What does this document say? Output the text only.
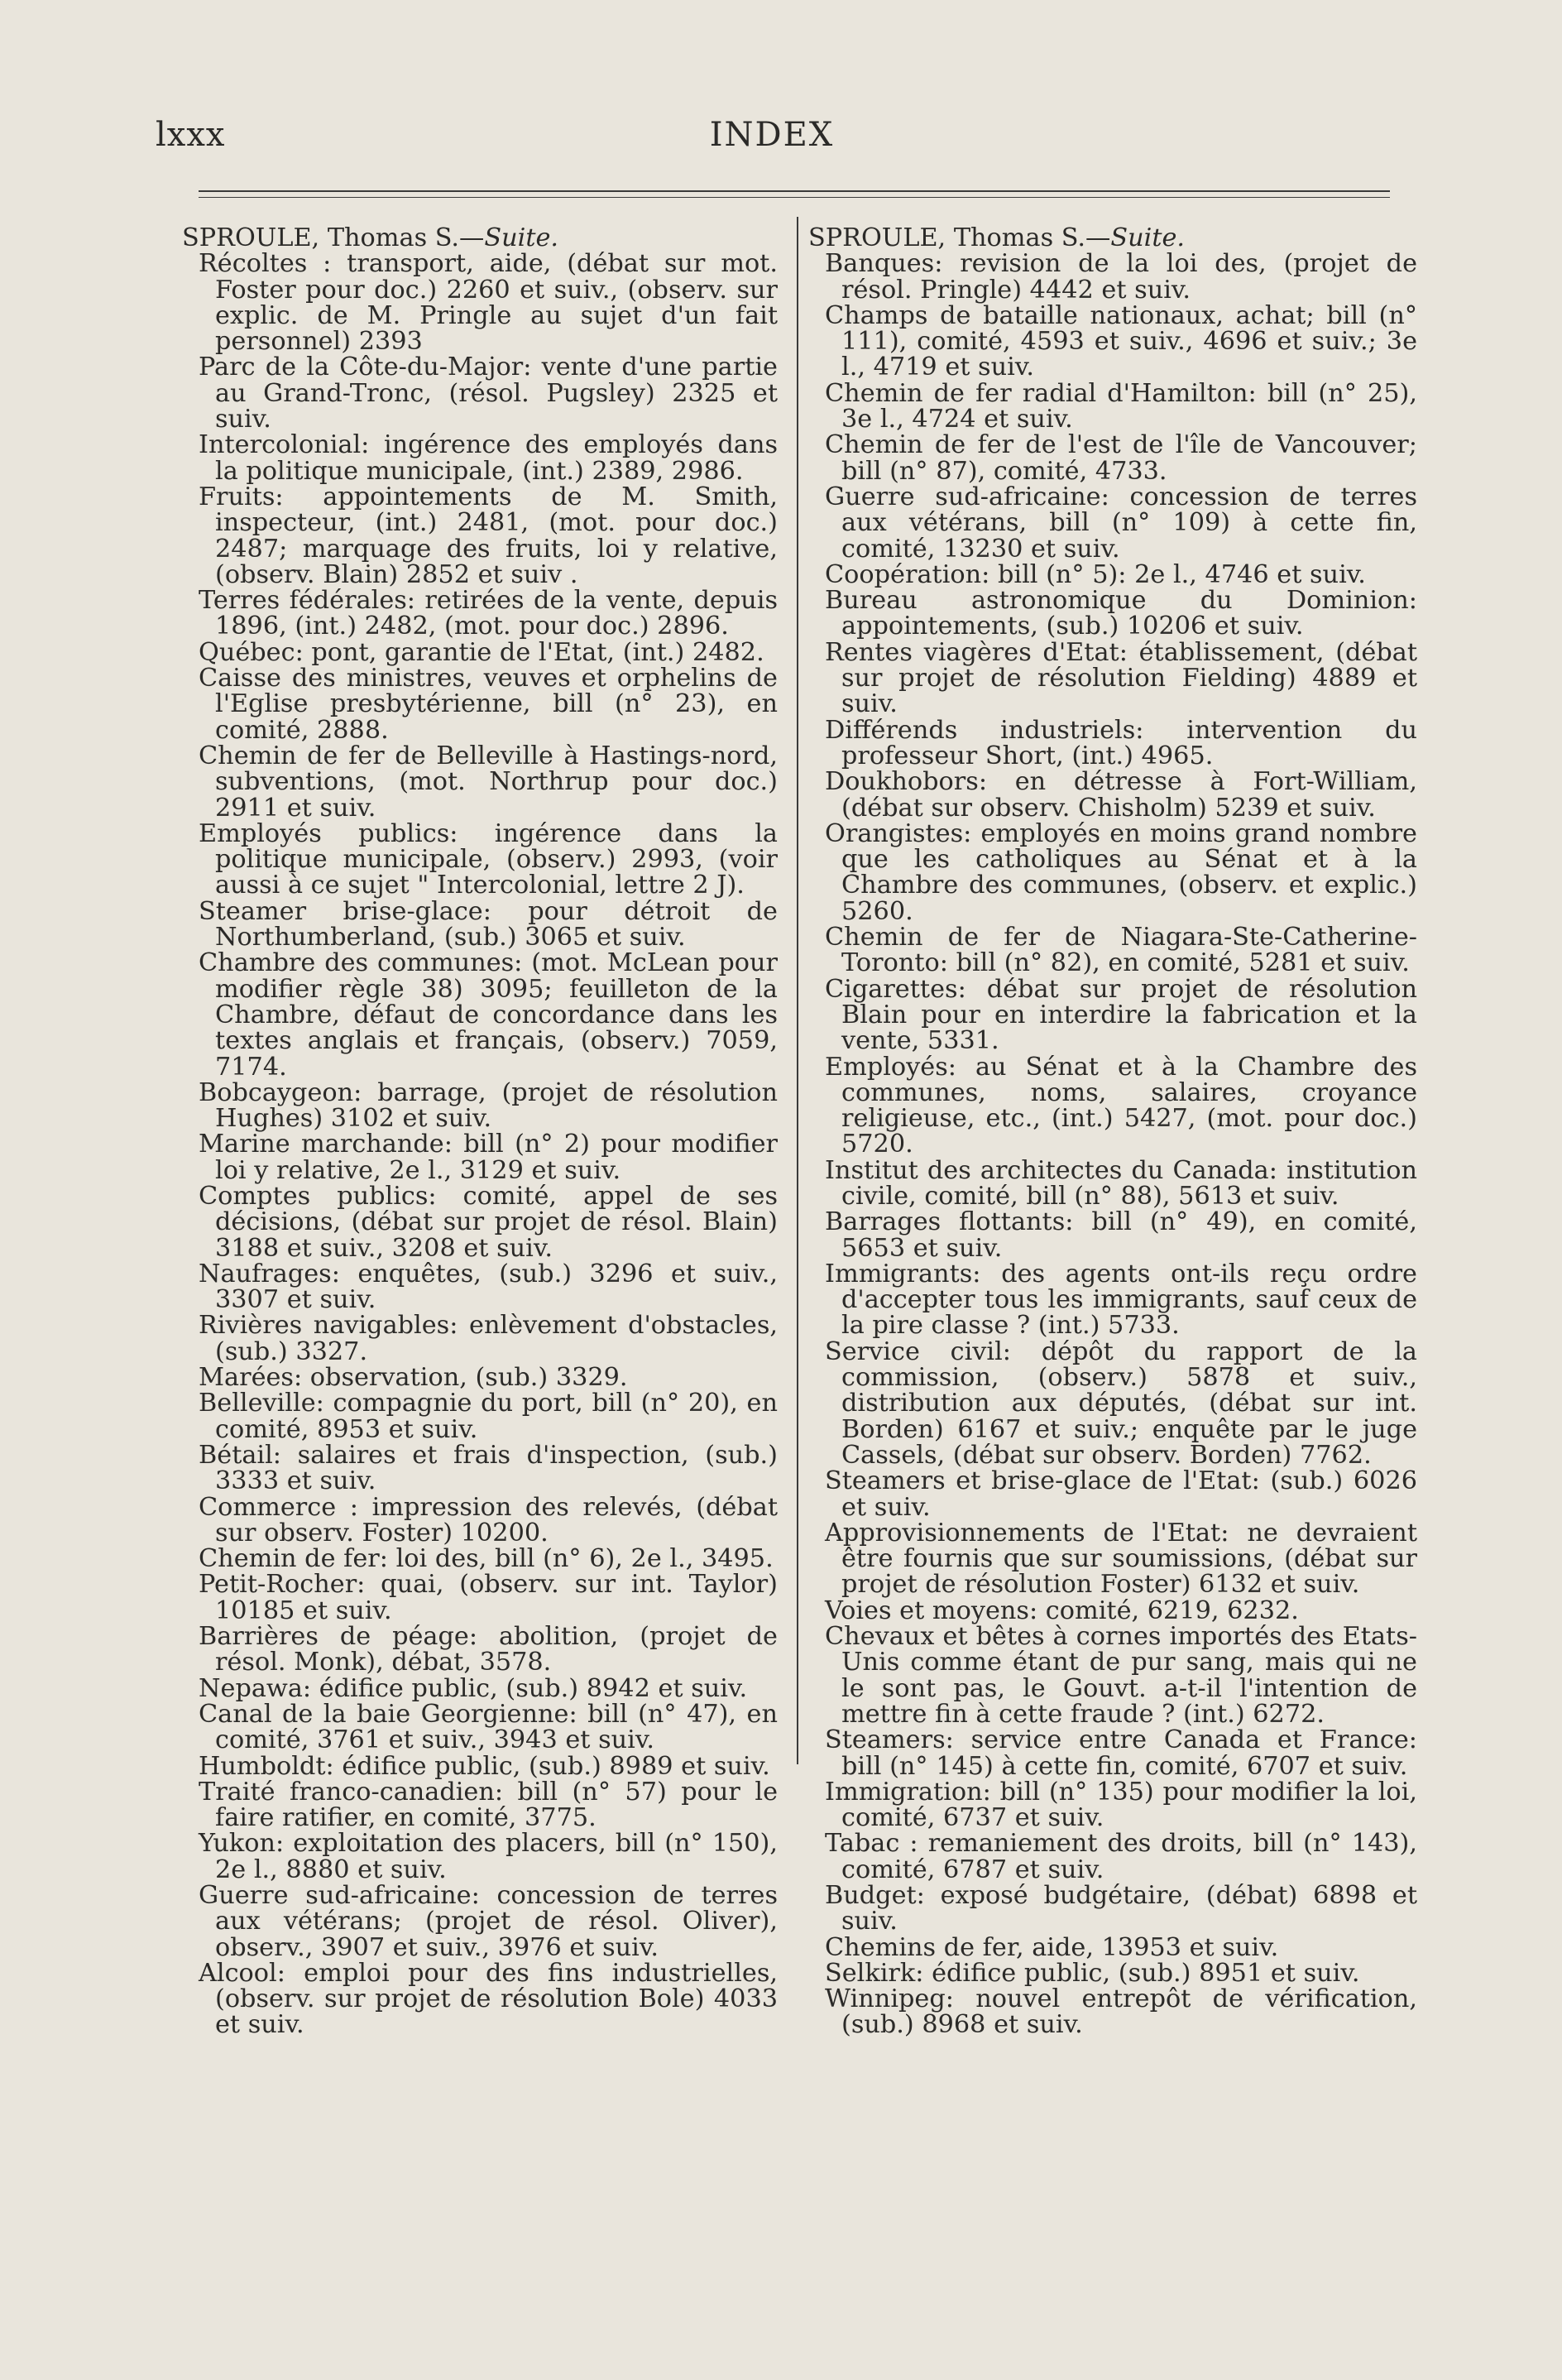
lxxx	INDEX
SPROULE, Thomas S.—Suite.
Récoltes : transport, aide, (débat sur mot. Foster pour doc.) 2260 et suiv., (observ. sur explic. de M. Pringle au sujet d'un fait personnel) 2393
Parc de la Côte-du-Major: vente d'une partie au Grand-Tronc, (résol. Pugsley) 2325 et suiv.
Intercolonial: ingérence des employés dans la politique municipale, (int.) 2389, 2986.
Fruits: appointements de M. Smith, inspecteur, (int.) 2481, (mot. pour doc.) 2487; marquage des fruits, loi y relative, (observ. Blain) 2852 et suiv .
Terres fédérales: retirées de la vente, depuis 1896, (int.) 2482, (mot. pour doc.) 2896.
Québec: pont, garantie de l'Etat, (int.) 2482.
Caisse des ministres, veuves et orphelins de l'Eglise presbytérienne, bill (n° 23), en comité, 2888.
Chemin de fer de Belleville à Hastings-nord, subventions, (mot. Northrup pour doc.) 2911 et suiv.
Employés publics: ingérence dans la politique municipale, (observ.) 2993, (voir aussi à ce sujet " Intercolonial, lettre 2 J).
Steamer brise-glace: pour détroit de Northumberland, (sub.) 3065 et suiv.
Chambre des communes: (mot. McLean pour modifier règle 38) 3095; feuilleton de la Chambre, défaut de concordance dans les textes anglais et français, (observ.) 7059, 7174.
Bobcaygeon: barrage, (projet de résolution Hughes) 3102 et suiv.
Marine marchande: bill (n° 2) pour modifier loi y relative, 2e l., 3129 et suiv.
Comptes publics: comité, appel de ses décisions, (débat sur projet de résol. Blain) 3188 et suiv., 3208 et suiv.
Naufrages: enquêtes, (sub.) 3296 et suiv., 3307 et suiv.
Rivières navigables: enlèvement d'obstacles, (sub.) 3327.
Marées: observation, (sub.) 3329.
Belleville: compagnie du port, bill (n° 20), en comité, 8953 et suiv.
Bétail: salaires et frais d'inspection, (sub.) 3333 et suiv.
Commerce : impression des relevés, (débat sur observ. Foster) 10200.
Chemin de fer: loi des, bill (n° 6), 2e l., 3495.
Petit-Rocher: quai, (observ. sur int. Taylor) 10185 et suiv.
Barrières de péage: abolition, (projet de résol. Monk), débat, 3578.
Nepawa: édifice public, (sub.) 8942 et suiv.
Canal de la baie Georgienne: bill (n° 47), en comité, 3761 et suiv., 3943 et suiv.
Humboldt: édifice public, (sub.) 8989 et suiv.
Traité franco-canadien: bill (n° 57) pour le faire ratifier, en comité, 3775.
Yukon: exploitation des placers, bill (n° 150), 2e l., 8880 et suiv.
Guerre sud-africaine: concession de terres aux vétérans; (projet de résol. Oliver), observ., 3907 et suiv., 3976 et suiv.
Alcool: emploi pour des fins industrielles, (observ. sur projet de résolution Bole) 4033 et suiv.
SPROULE, Thomas S.—Suite.
Banques: revision de la loi des, (projet de résol. Pringle) 4442 et suiv.
Champs de bataille nationaux, achat; bill (n° 111), comité, 4593 et suiv., 4696 et suiv.; 3e l., 4719 et suiv.
Chemin de fer radial d'Hamilton: bill (n° 25), 3e l., 4724 et suiv.
Chemin de fer de l'est de l'île de Vancouver; bill (n° 87), comité, 4733.
Guerre sud-africaine: concession de terres aux vétérans, bill (n° 109) à cette fin, comité, 13230 et suiv.
Coopération: bill (n° 5): 2e l., 4746 et suiv.
Bureau astronomique du Dominion: appointements, (sub.) 10206 et suiv.
Rentes viagères d'Etat: établissement, (débat sur projet de résolution Fielding) 4889 et suiv.
Différends industriels: intervention du professeur Short, (int.) 4965.
Doukhobors: en détresse à Fort-William, (débat sur observ. Chisholm) 5239 et suiv.
Orangistes: employés en moins grand nombre que les catholiques au Sénat et à la Chambre des communes, (observ. et explic.) 5260.
Chemin de fer de Niagara-Ste-Catherine-Toronto: bill (n° 82), en comité, 5281 et suiv.
Cigarettes: débat sur projet de résolution Blain pour en interdire la fabrication et la vente, 5331.
Employés: au Sénat et à la Chambre des communes, noms, salaires, croyance religieuse, etc., (int.) 5427, (mot. pour doc.) 5720.
Institut des architectes du Canada: institution civile, comité, bill (n° 88), 5613 et suiv.
Barrages flottants: bill (n° 49), en comité, 5653 et suiv.
Immigrants: des agents ont-ils reçu ordre d'accepter tous les immigrants, sauf ceux de la pire classe ? (int.) 5733.
Service civil: dépôt du rapport de la commission, (observ.) 5878 et suiv., distribution aux députés, (débat sur int. Borden) 6167 et suiv.; enquête par le juge Cassels, (débat sur observ. Borden) 7762.
Steamers et brise-glace de l'Etat: (sub.) 6026 et suiv.
Approvisionnements de l'Etat: ne devraient être fournis que sur soumissions, (débat sur projet de résolution Foster) 6132 et suiv.
Voies et moyens: comité, 6219, 6232.
Chevaux et bêtes à cornes importés des Etats-Unis comme étant de pur sang, mais qui ne le sont pas, le Gouvt. a-t-il l'intention de mettre fin à cette fraude ? (int.) 6272.
Steamers: service entre Canada et France: bill (n° 145) à cette fin, comité, 6707 et suiv.
Immigration: bill (n° 135) pour modifier la loi, comité, 6737 et suiv.
Tabac : remaniement des droits, bill (n° 143), comité, 6787 et suiv.
Budget: exposé budgétaire, (débat) 6898 et suiv.
Chemins de fer, aide, 13953 et suiv.
Selkirk: édifice public, (sub.) 8951 et suiv.
Winnipeg: nouvel entrepôt de vérification, (sub.) 8968 et suiv.
